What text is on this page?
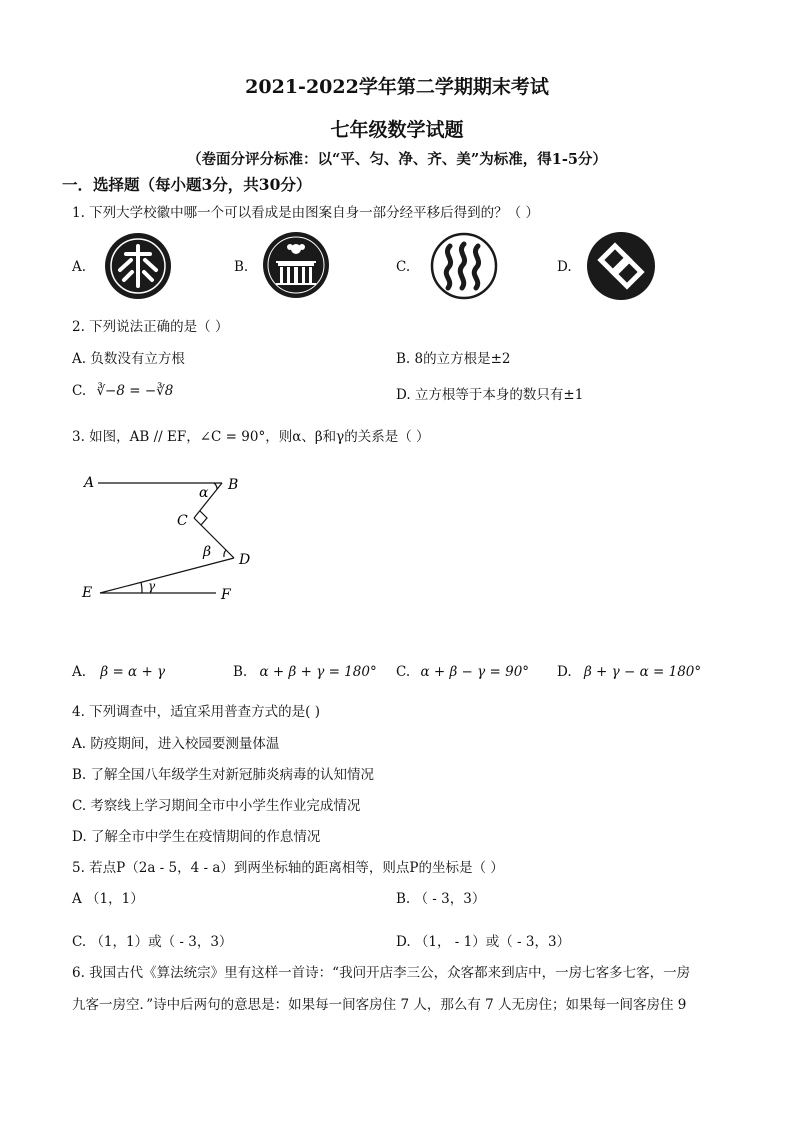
2021-2022学年第二学期期末考试
七年级数学试题
（卷面分评分标准：以“平、匀、净、齐、美”为标准，得1-5分）
一．选择题（每小题3分，共30分）
1. 下列大学校徽中哪一个可以看成是由图案自身一部分经平移后得到的？（ ）
A.	B.	C.	D.
2. 下列说法正确的是（ ）
A. 负数没有立方根	B. 8的立方根是±2
C. ∛−8 = −∛8	D. 立方根等于本身的数只有±1
3. 如图，AB // EF，∠C = 90°，则α、β和γ的关系是（ ）
A	B
C
D
E	F
α
β
γ
A. β = α + γ	B. α + β + γ = 180° C. α + β − γ = 90° D. β + γ − α = 180°
4. 下列调查中，适宜采用普查方式的是( )
A. 防疫期间，进入校园要测量体温
B. 了解全国八年级学生对新冠肺炎病毒的认知情况
C. 考察线上学习期间全市中小学生作业完成情况
D. 了解全市中学生在疫情期间的作息情况
5. 若点P（2a - 5，4 - a）到两坐标轴的距离相等，则点P的坐标是（ ）
A （1，1）	B. （ - 3，3）
C. （1，1）或（ - 3，3）	D. （1， - 1）或（ - 3，3）
6. 我国古代《算法统宗》里有这样一首诗：“我问开店李三公，众客都来到店中，一房七客多七客，一房
九客一房空．”诗中后两句的意思是：如果每一间客房住 7 人，那么有 7 人无房住；如果每一间客房住 9
